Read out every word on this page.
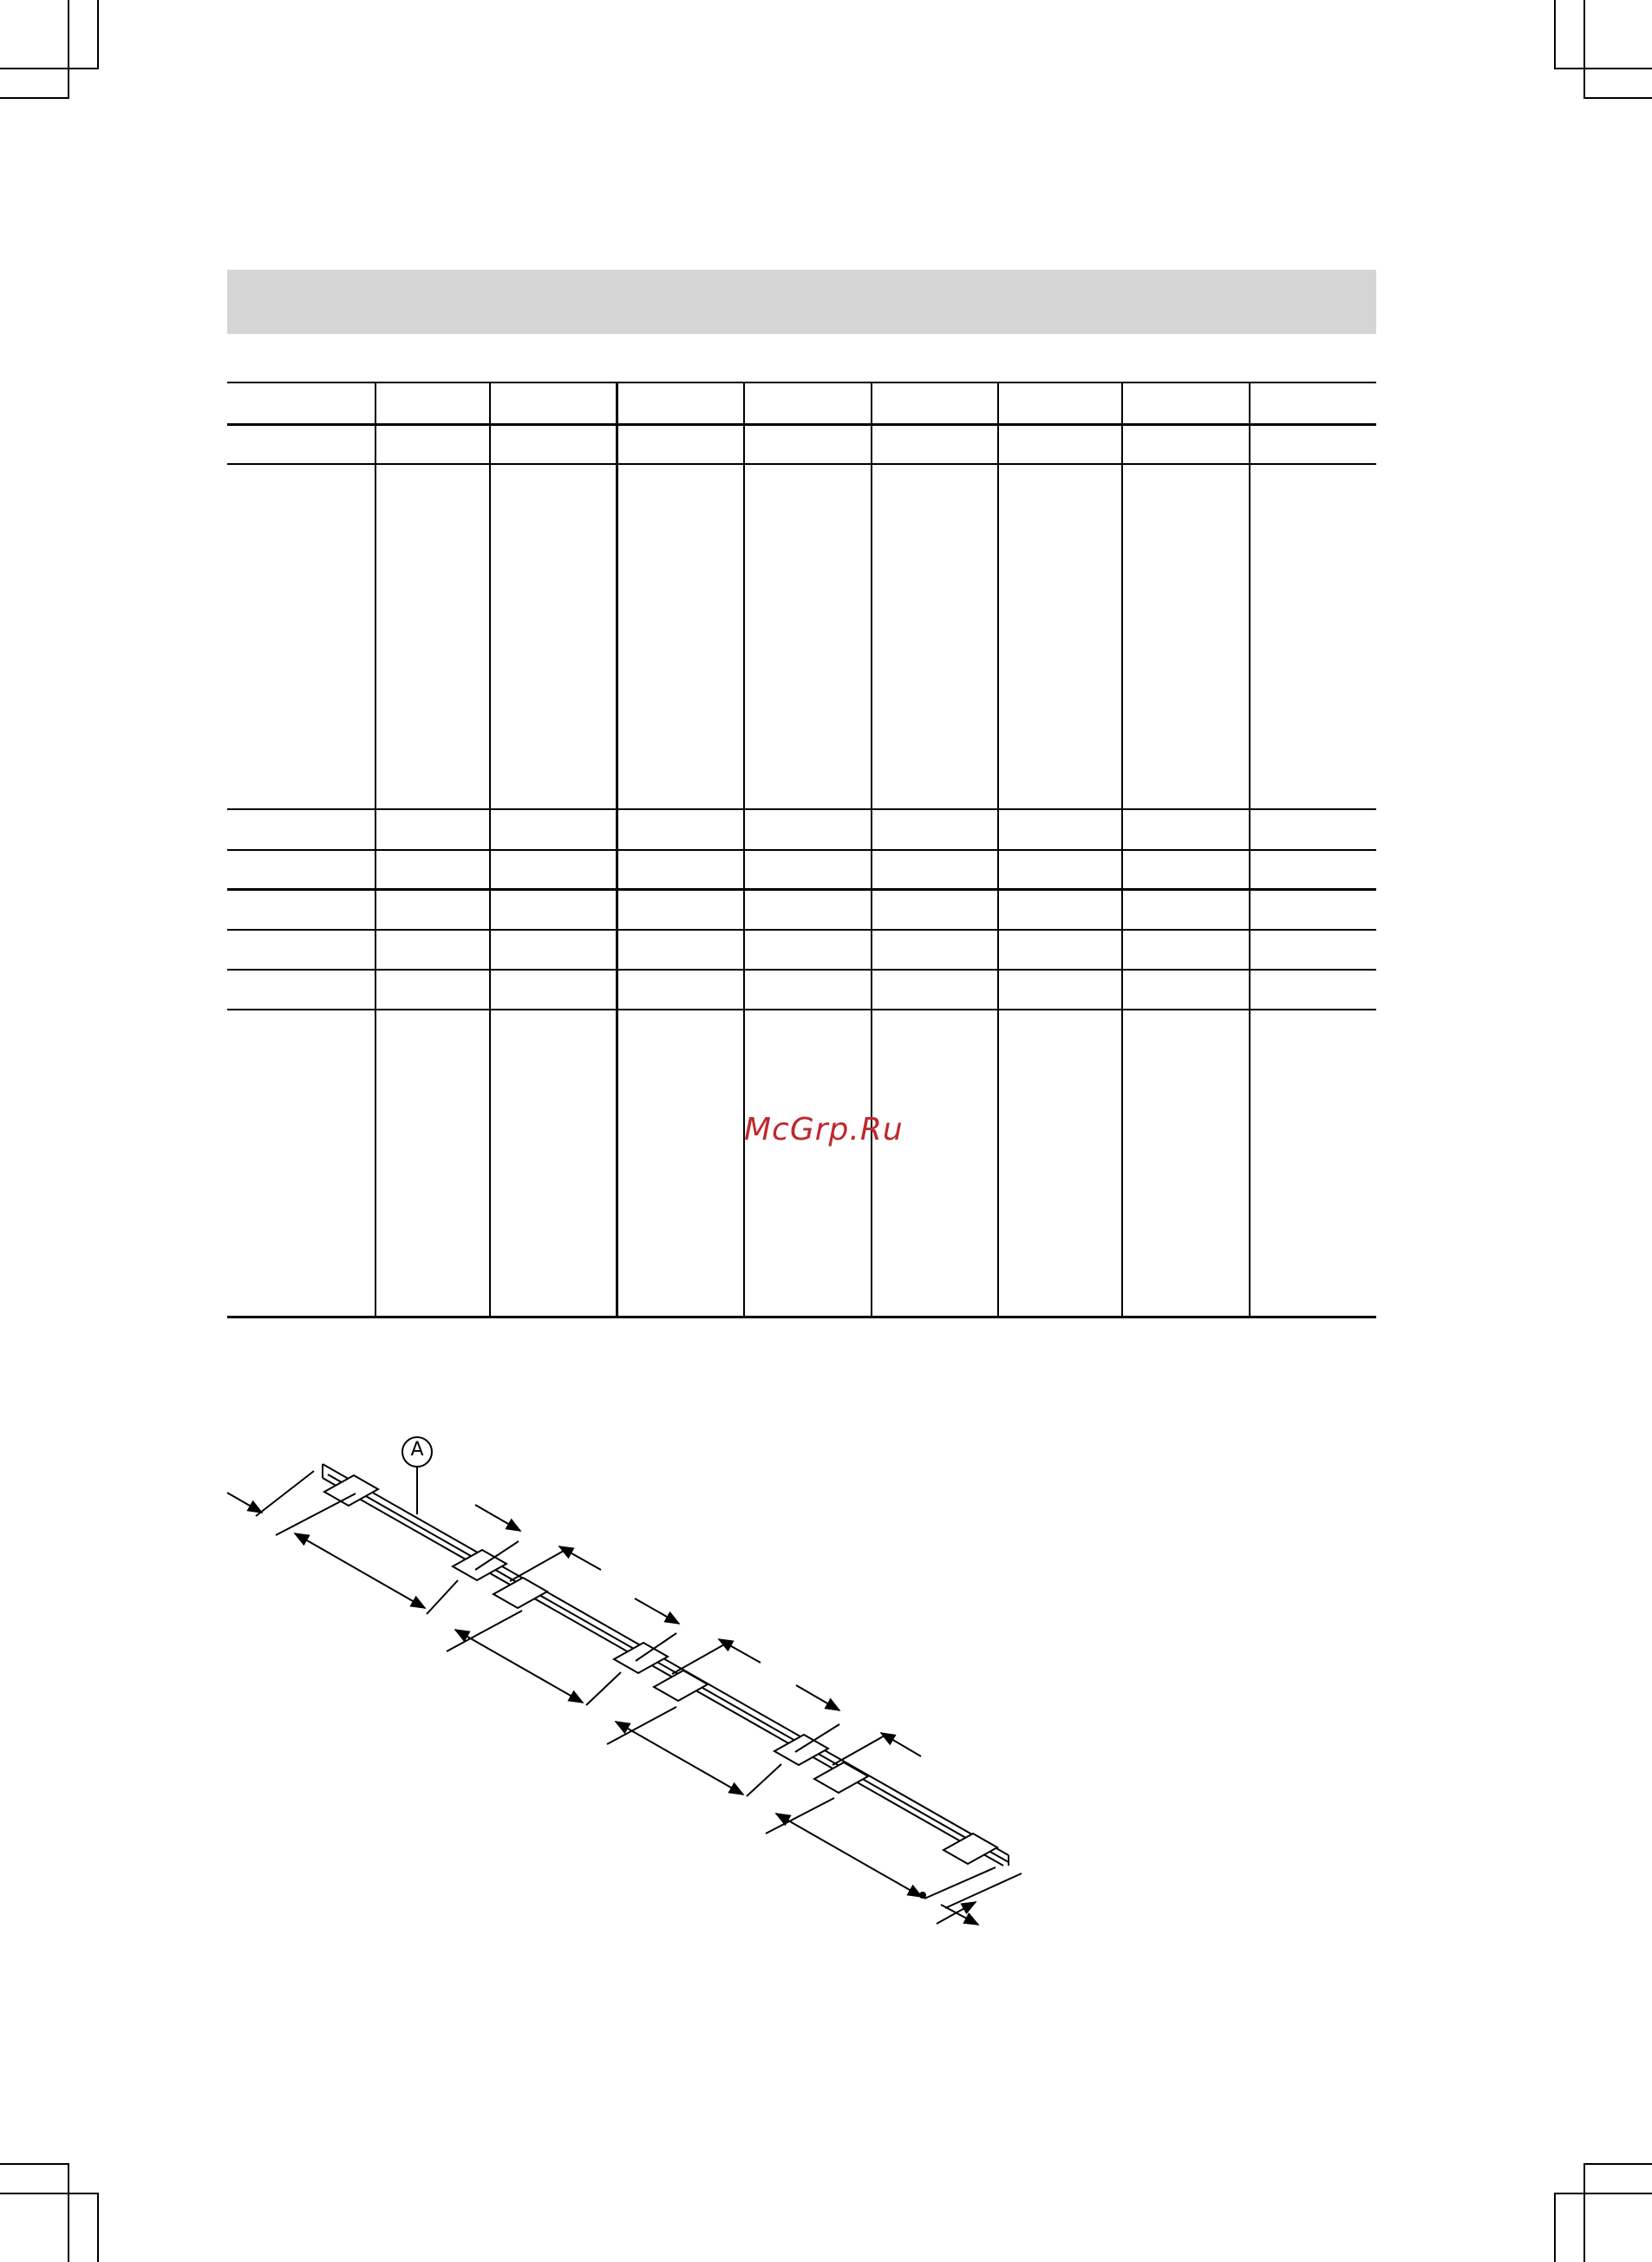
McGrp.Ru
A
